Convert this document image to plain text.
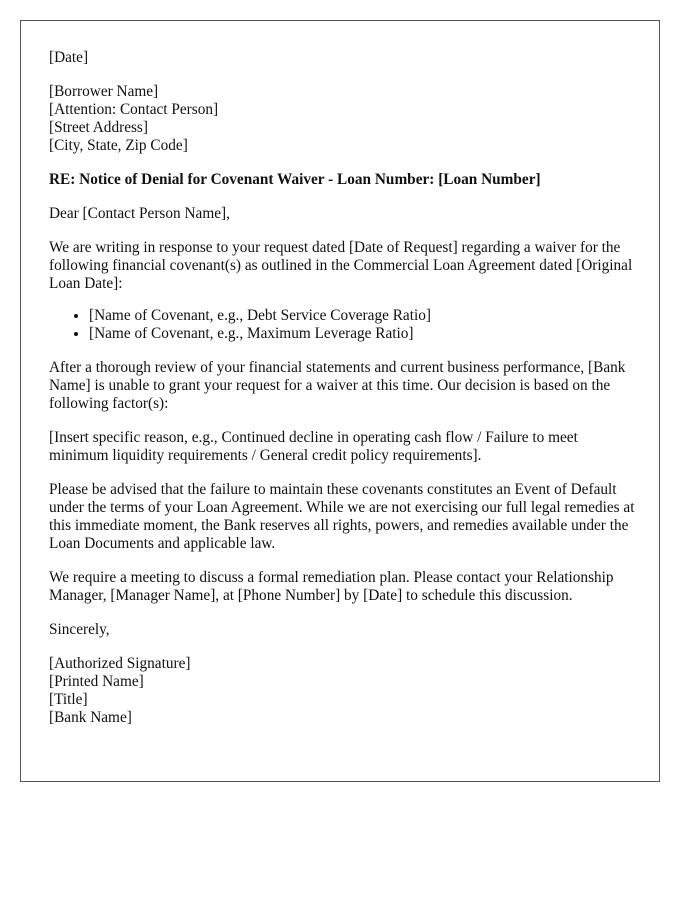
[Date]
[Borrower Name]
[Attention: Contact Person]
[Street Address]
[City, State, Zip Code]

RE: Notice of Denial for Covenant Waiver - Loan Number: [Loan Number]

Dear [Contact Person Name],

We are writing in response to your request dated [Date of Request] regarding a waiver for the following financial covenant(s) as outlined in the Commercial Loan Agreement dated [Original Loan Date]:

• [Name of Covenant, e.g., Debt Service Coverage Ratio]
• [Name of Covenant, e.g., Maximum Leverage Ratio]

After a thorough review of your financial statements and current business performance, [Bank Name] is unable to grant your request for a waiver at this time. Our decision is based on the following factor(s):

[Insert specific reason, e.g., Continued decline in operating cash flow / Failure to meet minimum liquidity requirements / General credit policy requirements].

Please be advised that the failure to maintain these covenants constitutes an Event of Default under the terms of your Loan Agreement. While we are not exercising our full legal remedies at this immediate moment, the Bank reserves all rights, powers, and remedies available under the Loan Documents and applicable law.

We require a meeting to discuss a formal remediation plan. Please contact your Relationship Manager, [Manager Name], at [Phone Number] by [Date] to schedule this discussion.

Sincerely,

[Authorized Signature]
[Printed Name]
[Title]
[Bank Name]
